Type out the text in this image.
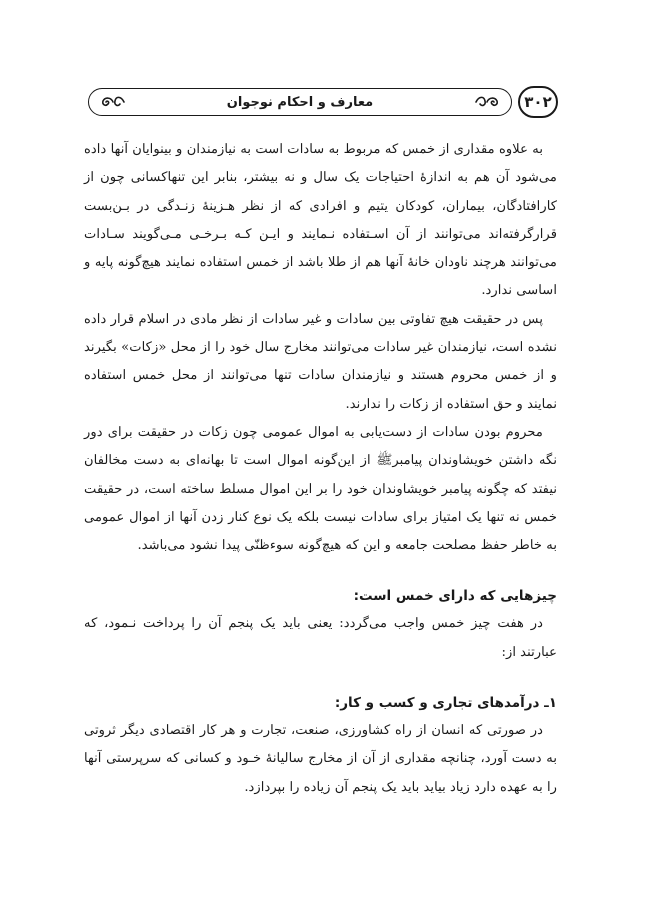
۳۰۲
معارف و احکام نوجوان

به علاوه مقداری از خمس که مربوط به سادات است به نیازمندان و بینوایان آنها داده می‌شود آن هم به اندازهٔ احتیاجات یک سال و نه بیشتر، بنابر این تنهاکسانی چون از کارافتادگان، بیماران، کودکان یتیم و افرادی که از نظر هـزینهٔ زنـدگی در بـن‌بست قرارگرفته‌اند می‌توانند از آن اسـتفاده نـمایند و ایـن کـه بـرخـی مـی‌گویند سـادات می‌توانند هرچند ناودان خانهٔ آنها هم از طلا باشد از خمس استفاده نمایند هیچ‌گونه پایه و اساسی ندارد.

پس در حقیقت هیچ تفاوتی بین سادات و غیر سادات از نظر مادی در اسلام قرار داده نشده است، نیازمندان غیر سادات می‌توانند مخارج سال خود را از محل «زکات» بگیرند و از خمس محروم هستند و نیازمندان سادات تنها می‌توانند از محل خمس استفاده نمایند و حق استفاده از زکات را ندارند.

محروم بودن سادات از دست‌یابی به اموال عمومی چون زکات در حقیقت برای دور نگه داشتن خویشاوندان پیامبرﷺ از این‌گونه اموال است تا بهانه‌ای به دست مخالفان نیفتد که چگونه پیامبر خویشاوندان خود را بر این اموال مسلط ساخته است، در حقیقت خمس نه تنها یک امتیاز برای سادات نیست بلکه یک نوع کنار زدن آنها از اموال عمومی به خاطر حفظ مصلحت جامعه و این که هیچ‌گونه سوءظنّی پیدا نشود می‌باشد.

چیزهایی که دارای خمس است:

در هفت چیز خمس واجب می‌گردد: یعنی باید یک پنجم آن را پرداخت نـمود، که عبارتند از:

۱ـ درآمدهای تجاری و کسب و کار:

در صورتی که انسان از راه کشاورزی، صنعت، تجارت و هر کار اقتصادی دیگر ثروتی به دست آورد، چنانچه مقداری از آن از مخارج سالیانهٔ خـود و کسانی که سرپرستی آنها را به عهده دارد زیاد بیاید باید یک پنجم آن زیاده را بپردازد.
